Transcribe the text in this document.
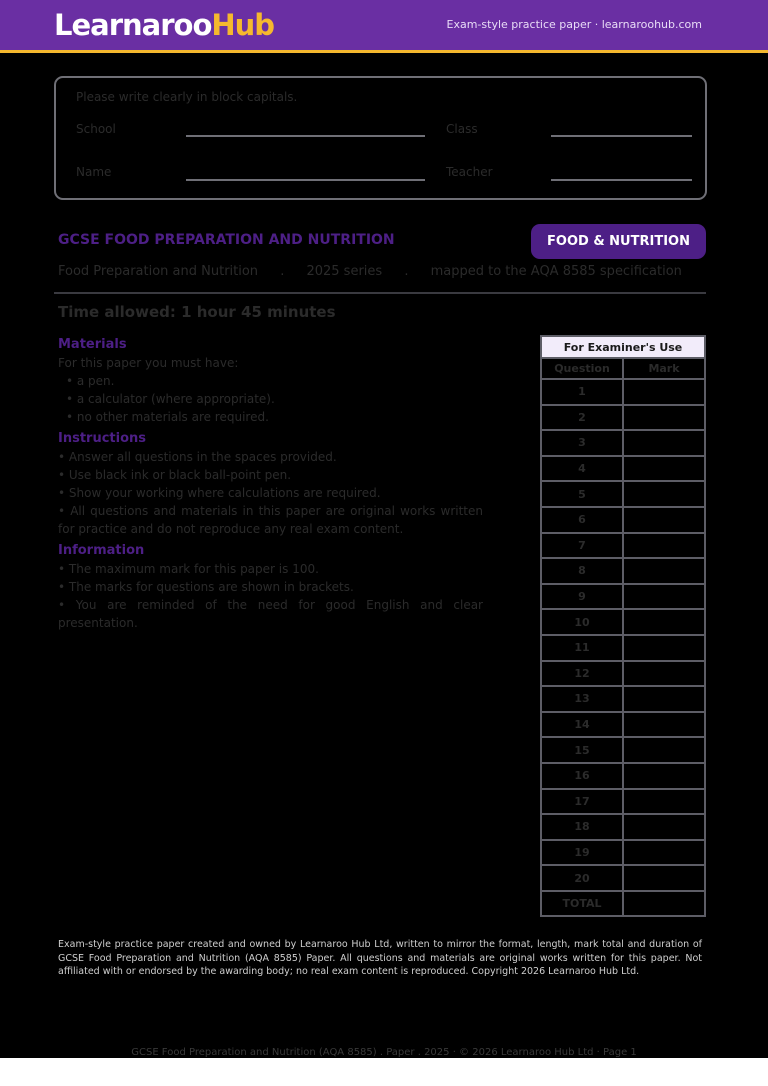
LearnarooHub	Exam-style practice paper · learnaroohub.com
Please write clearly in block capitals.
School	Class
Name	Teacher
GCSE FOOD PREPARATION AND NUTRITION	FOOD & NUTRITION
Food Preparation and Nutrition . 2025 series . mapped to the AQA 8585 specification
Time allowed: 1 hour 45 minutes
Materials

For this paper you must have:

• a pen.
• a calculator (where appropriate).
• no other materials are required.
Instructions
• Answer all questions in the spaces provided.
• Use black ink or black ball-point pen.
• Show your working where calculations are required.
• All questions and materials in this paper are original works written for practice and do not reproduce any real exam content.
Information
• The maximum mark for this paper is 100.
• The marks for questions are shown in brackets.
• You are reminded of the need for good English and clear presentation.
For Examiner's Use	
Question	Mark
1	
2	
3	
4	
5	
6	
7	
8	
9	
10	
11	
12	
13	
14	
15	
16	
17	
18	
19	
20	
TOTAL	
Exam-style practice paper created and owned by Learnaroo Hub Ltd, written to mirror the format, length, mark total and duration of GCSE Food Preparation and Nutrition (AQA 8585) Paper. All questions and materials are original works written for this paper. Not affiliated with or endorsed by the awarding body; no real exam content is reproduced. Copyright 2026 Learnaroo Hub Ltd.
GCSE Food Preparation and Nutrition (AQA 8585) . Paper . 2025 · © 2026 Learnaroo Hub Ltd · Page 1
